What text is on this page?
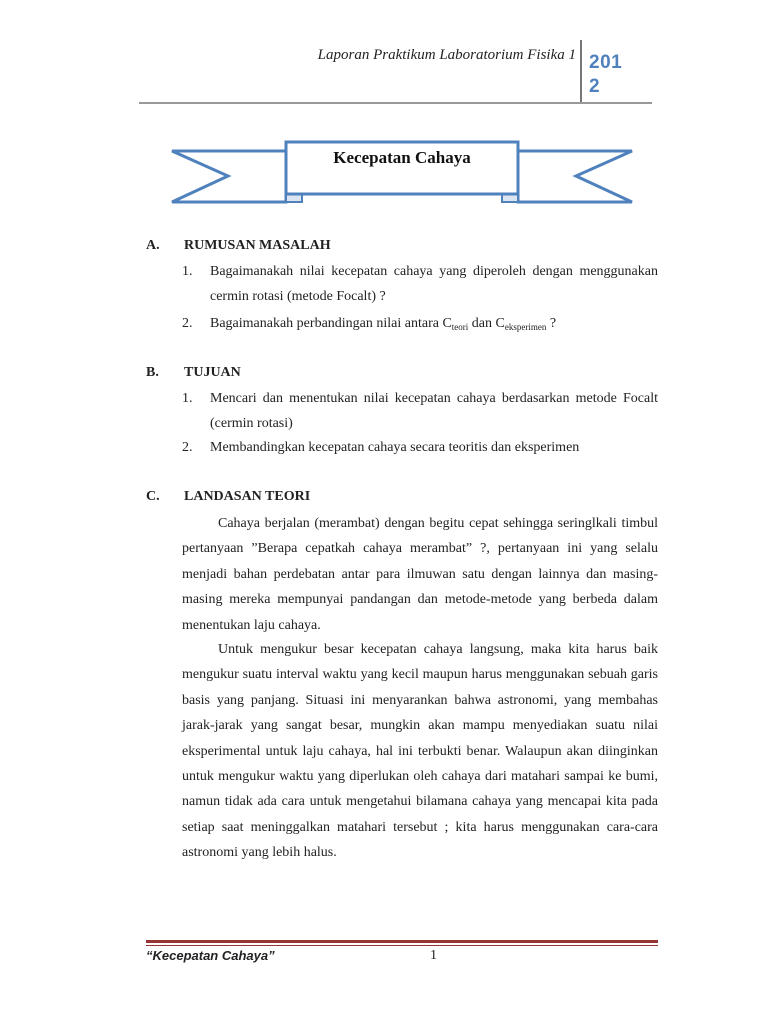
Laporan Praktikum Laboratorium Fisika 1 201
2
Kecepatan Cahaya
A. RUMUSAN MASALAH
1. Bagaimanakah nilai kecepatan cahaya yang diperoleh dengan menggunakan cermin rotasi (metode Focalt) ?
2. Bagaimanakah perbandingan nilai antara $C_{teori}$ dan $C_{eksperimen}$ ?
B. TUJUAN
1. Mencari dan menentukan nilai kecepatan cahaya berdasarkan metode Focalt (cermin rotasi)
2. Membandingkan kecepatan cahaya secara teoritis dan eksperimen
C. LANDASAN TEORI
Cahaya berjalan (merambat) dengan begitu cepat sehingga seringlkali timbul pertanyaan ”Berapa cepatkah cahaya merambat” ?, pertanyaan ini yang selalu menjadi bahan perdebatan antar para ilmuwan satu dengan lainnya dan masing-masing mereka mempunyai pandangan dan metode-metode yang berbeda dalam menentukan laju cahaya.
Untuk mengukur besar kecepatan cahaya langsung, maka kita harus baik mengukur suatu interval waktu yang kecil maupun harus menggunakan sebuah garis basis yang panjang. Situasi ini menyarankan bahwa astronomi, yang membahas jarak-jarak yang sangat besar, mungkin akan mampu menyediakan suatu nilai eksperimental untuk laju cahaya, hal ini terbukti benar. Walaupun akan diinginkan untuk mengukur waktu yang diperlukan oleh cahaya dari matahari sampai ke bumi, namun tidak ada cara untuk mengetahui bilamana cahaya yang mencapai kita pada setiap saat meninggalkan matahari tersebut ; kita harus menggunakan cara-cara astronomi yang lebih halus.
“Kecepatan Cahaya”	1
